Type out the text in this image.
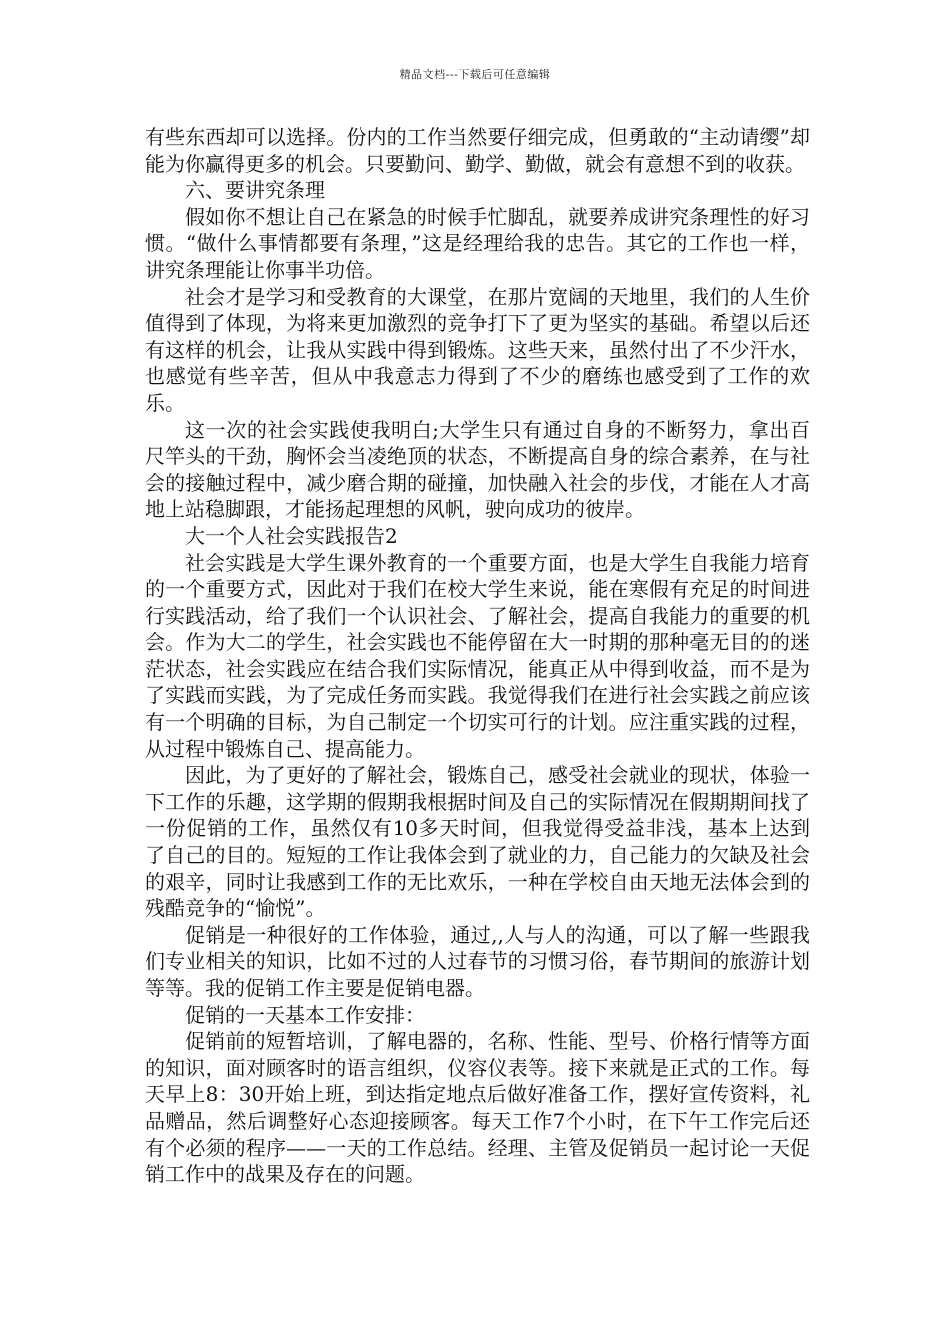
精品文档---下载后可任意编辑

有些东西却可以选择。份内的工作当然要仔细完成，但勇敢的“主动请缨”却能为你赢得更多的机会。只要勤问、勤学、勤做，就会有意想不到的收获。

六、要讲究条理

假如你不想让自己在紧急的时候手忙脚乱，就要养成讲究条理性的好习惯。“做什么事情都要有条理，”这是经理给我的忠告。其它的工作也一样，讲究条理能让你事半功倍。

社会才是学习和受教育的大课堂，在那片宽阔的天地里，我们的人生价值得到了体现，为将来更加激烈的竞争打下了更为坚实的基础。希望以后还有这样的机会，让我从实践中得到锻炼。这些天来，虽然付出了不少汗水，也感觉有些辛苦，但从中我意志力得到了不少的磨练也感受到了工作的欢乐。

这一次的社会实践使我明白;大学生只有通过自身的不断努力，拿出百尺竿头的干劲，胸怀会当凌绝顶的状态，不断提高自身的综合素养，在与社会的接触过程中，减少磨合期的碰撞，加快融入社会的步伐，才能在人才高地上站稳脚跟，才能扬起理想的风帆，驶向成功的彼岸。

大一个人社会实践报告2

社会实践是大学生课外教育的一个重要方面，也是大学生自我能力培育的一个重要方式，因此对于我们在校大学生来说，能在寒假有充足的时间进行实践活动，给了我们一个认识社会、了解社会，提高自我能力的重要的机会。作为大二的学生，社会实践也不能停留在大一时期的那种毫无目的的迷茫状态，社会实践应在结合我们实际情况，能真正从中得到收益，而不是为了实践而实践，为了完成任务而实践。我觉得我们在进行社会实践之前应该有一个明确的目标，为自己制定一个切实可行的计划。应注重实践的过程，从过程中锻炼自己、提高能力。

因此，为了更好的了解社会，锻炼自己，感受社会就业的现状，体验一下工作的乐趣，这学期的假期我根据时间及自己的实际情况在假期期间找了一份促销的工作，虽然仅有10多天时间，但我觉得受益非浅，基本上达到了自己的目的。短短的工作让我体会到了就业的力，自己能力的欠缺及社会的艰辛，同时让我感到工作的无比欢乐，一种在学校自由天地无法体会到的残酷竞争的“愉悦”。

促销是一种很好的工作体验，通过,,人与人的沟通，可以了解一些跟我们专业相关的知识，比如不过的人过春节的习惯习俗，春节期间的旅游计划等等。我的促销工作主要是促销电器。

促销的一天基本工作安排：

促销前的短暂培训，了解电器的，名称、性能、型号、价格行情等方面的知识，面对顾客时的语言组织，仪容仪表等。接下来就是正式的工作。每天早上8：30开始上班，到达指定地点后做好准备工作，摆好宣传资料，礼品赠品，然后调整好心态迎接顾客。每天工作7个小时，在下午工作完后还有个必须的程序——一天的工作总结。经理、主管及促销员一起讨论一天促销工作中的战果及存在的问题。
